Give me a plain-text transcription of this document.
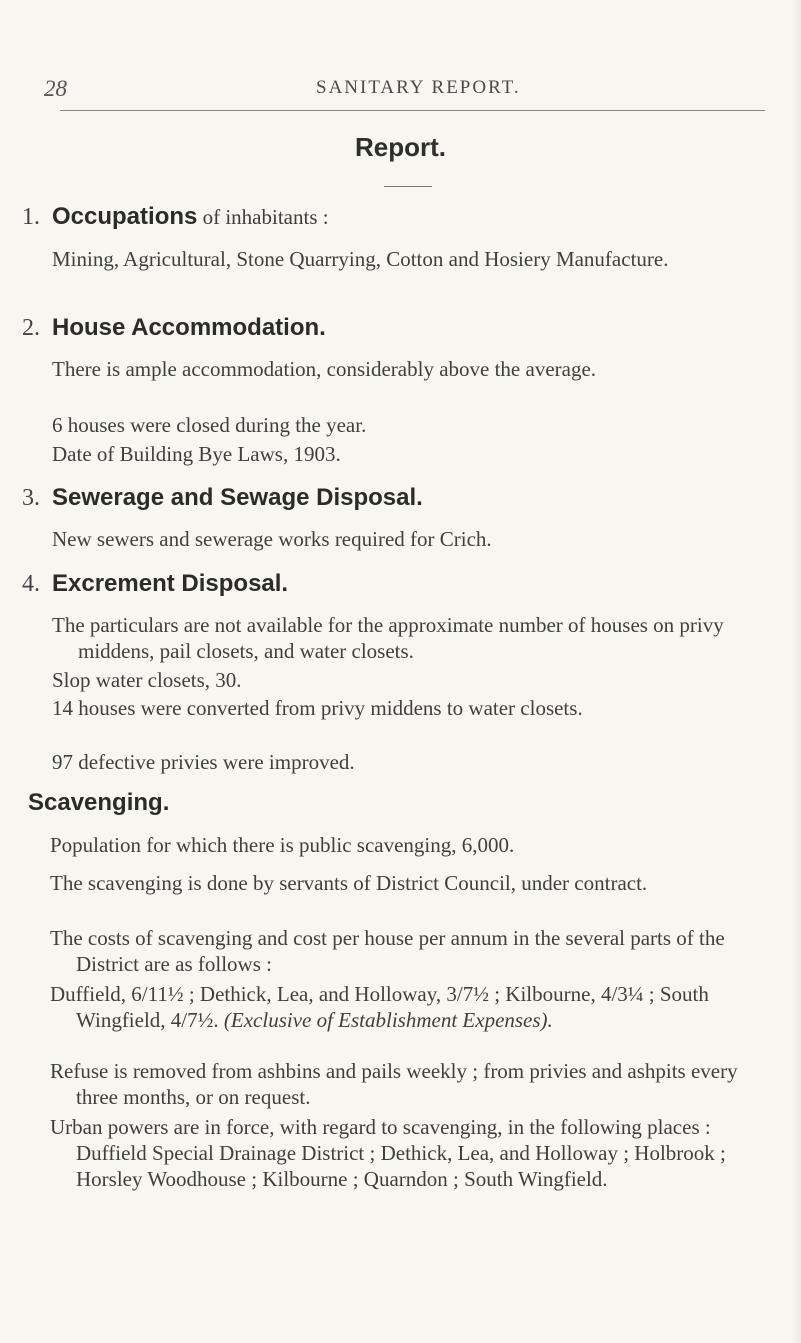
28	SANITARY REPORT.
Report.
1. Occupations of inhabitants :
Mining, Agricultural, Stone Quarrying, Cotton and Hosiery Manufacture.
2. House Accommodation.
There is ample accommodation, considerably above the average.
6 houses were closed during the year.
Date of Building Bye Laws, 1903.
3. Sewerage and Sewage Disposal.
New sewers and sewerage works required for Crich.
4. Excrement Disposal.
The particulars are not available for the approximate number of houses on privy middens, pail closets, and water closets.
Slop water closets, 30.
14 houses were converted from privy middens to water closets.
97 defective privies were improved.
Scavenging.
Population for which there is public scavenging, 6,000.
The scavenging is done by servants of District Council, under contract.
The costs of scavenging and cost per house per annum in the several parts of the District are as follows :
Duffield, 6/11½ ; Dethick, Lea, and Holloway, 3/7½ ; Kilbourne, 4/3¼ ; South Wingfield, 4/7½. (Exclusive of Establishment Expenses).
Refuse is removed from ashbins and pails weekly ; from privies and ashpits every three months, or on request.
Urban powers are in force, with regard to scavenging, in the following places : Duffield Special Drainage District ; Dethick, Lea, and Holloway ; Holbrook ; Horsley Woodhouse ; Kilbourne ; Quarndon ; South Wingfield.
